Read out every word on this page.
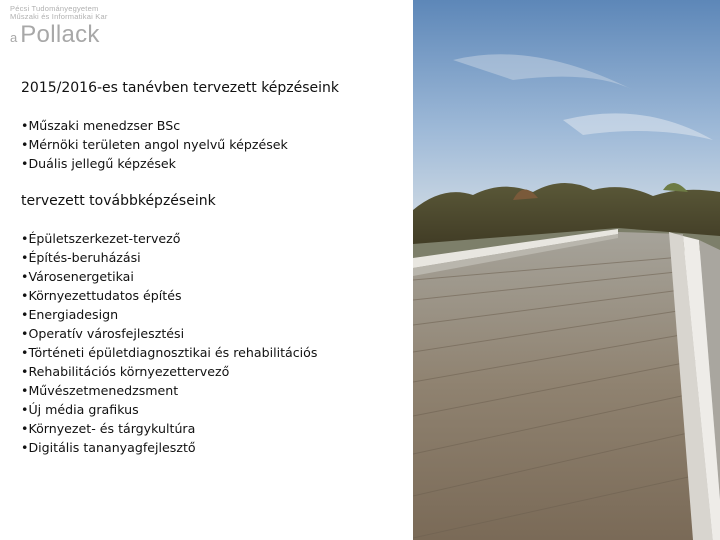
Pécsi Tudományegyetem
Műszaki és Informatikai Kar
a Pollack
2015/2016-es tanévben tervezett képzéseink
• Műszaki menedzser BSc
• Mérnöki területen angol nyelvű képzések
• Duális jellegű képzések
tervezett továbbképzéseink
• Épületszerkezet-tervező
• Építés-beruházási
• Városenergetikai
• Környezettudatos építés
• Energiadesign
• Operatív városfejlesztési
• Történeti épületdiagnosztikai és rehabilitációs
• Rehabilitációs környezettervező
• Művészetmenedzsment
• Új média grafikus
• Környezet- és tárgykultúra
• Digitális tananyagfejlesztő
